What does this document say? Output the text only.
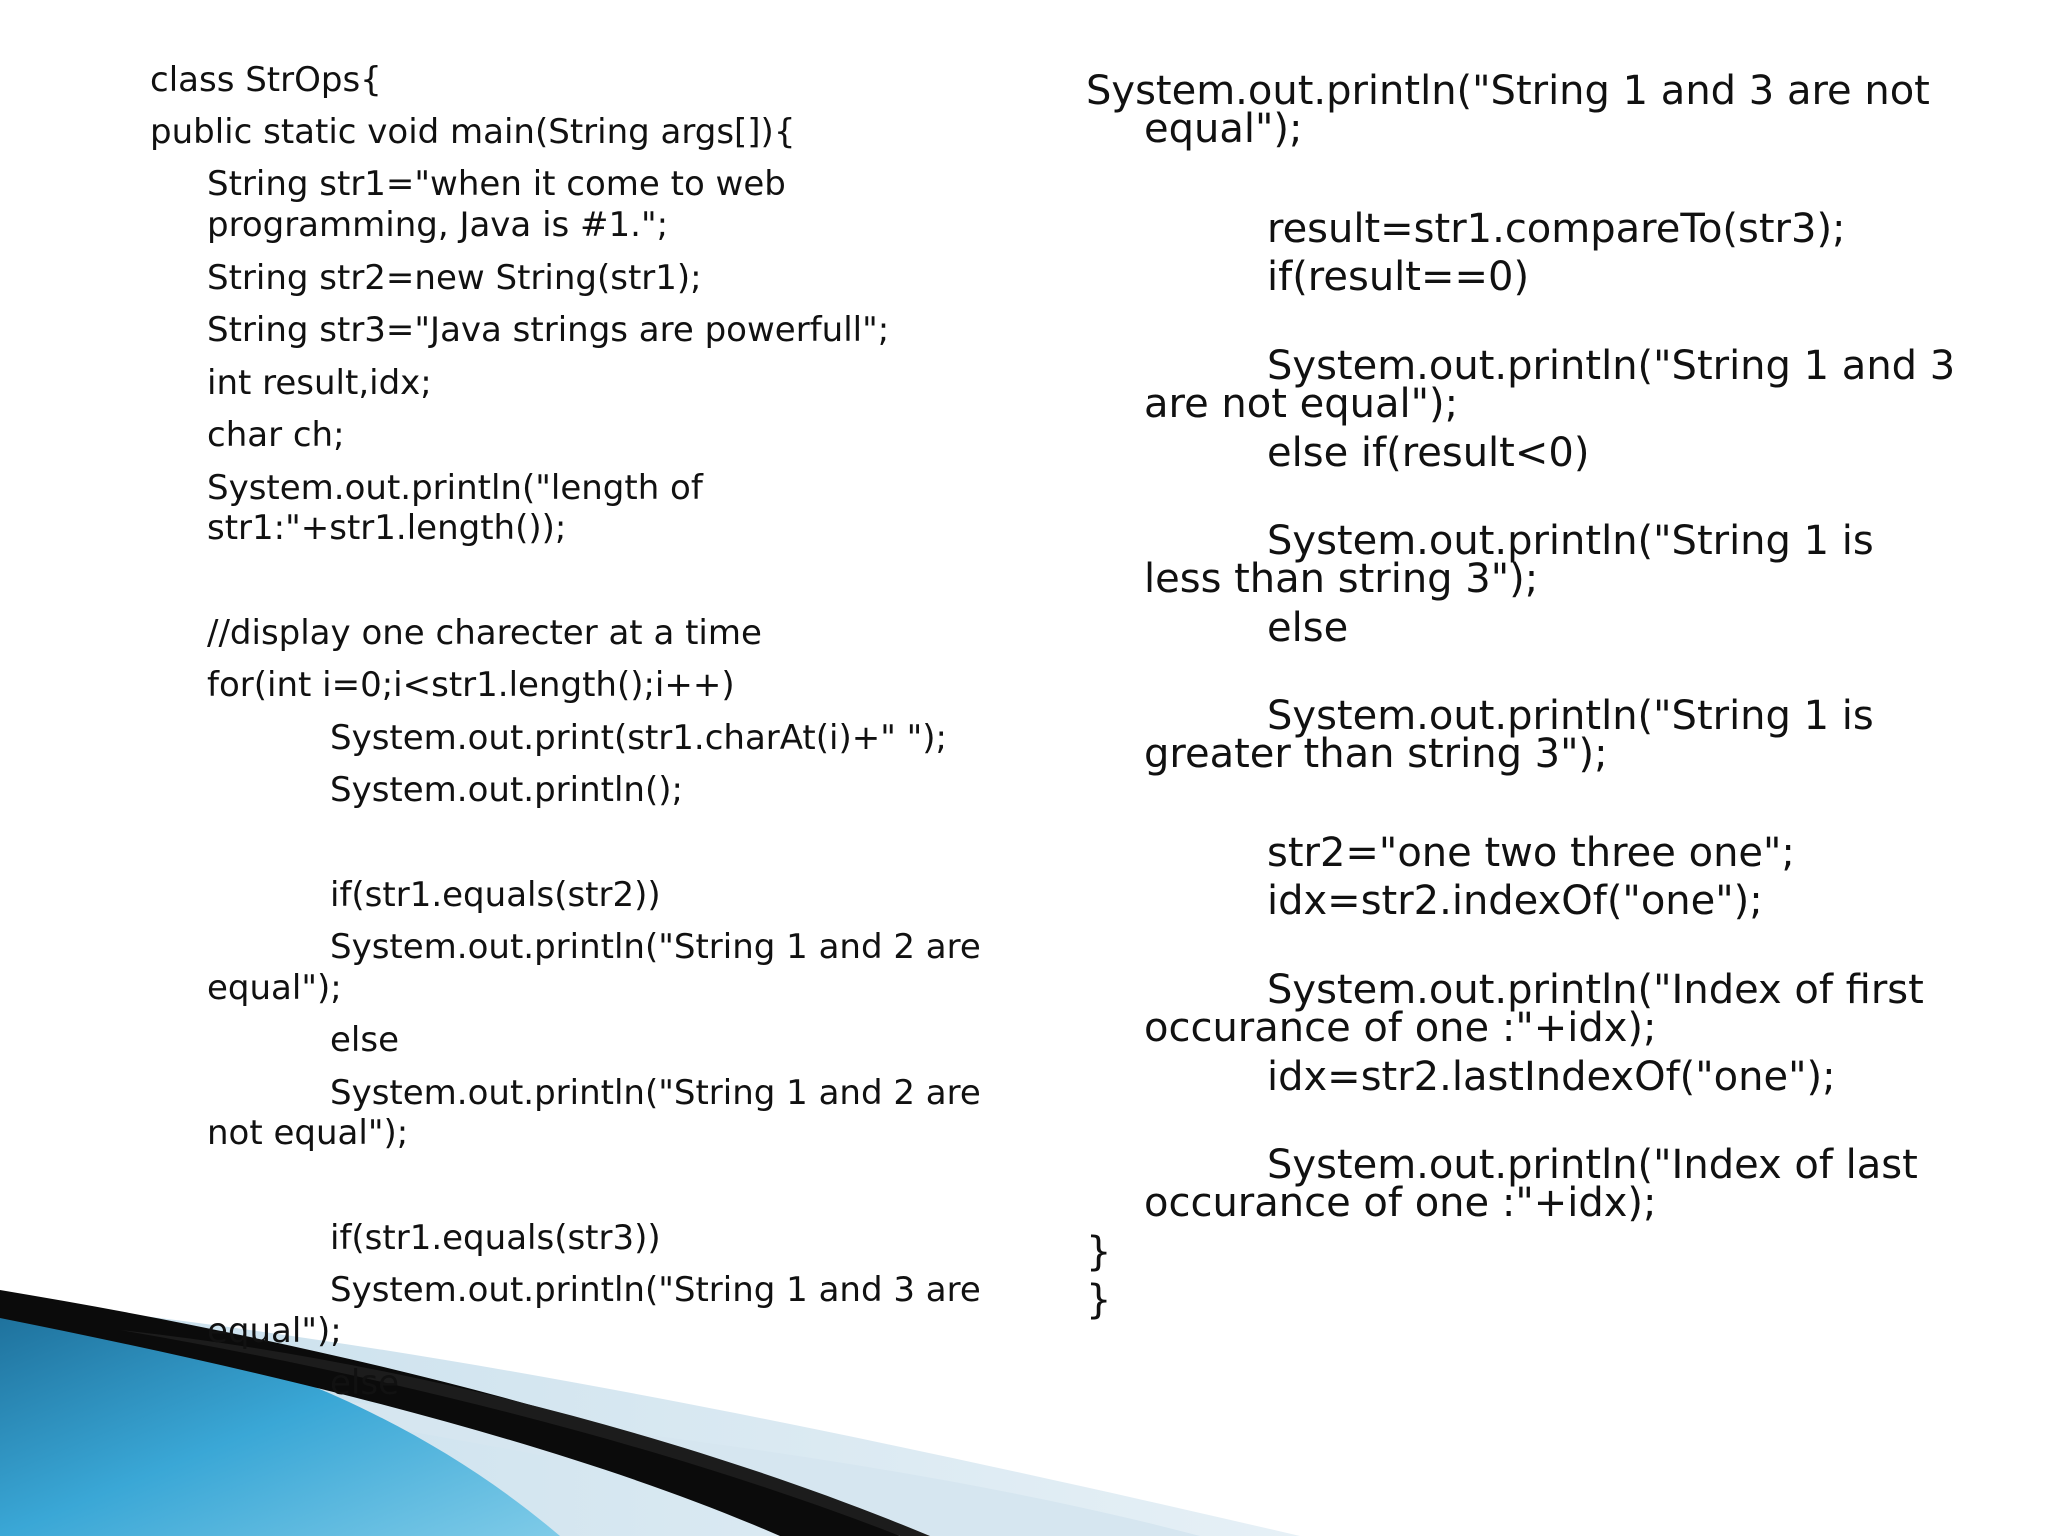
class StrOps{
public static void main(String args[]){
String str1="when it come to web
programming, Java is #1.";
String str2=new String(str1);
String str3="Java strings are powerfull";
int result,idx;
char ch;
System.out.println("length of
str1:"+str1.length());
//display one charecter at a time
for(int i=0;i<str1.length();i++)
System.out.print(str1.charAt(i)+" ");
System.out.println();
if(str1.equals(str2))
System.out.println("String 1 and 2 are
equal");
else
System.out.println("String 1 and 2 are
not equal");
if(str1.equals(str3))
System.out.println("String 1 and 3 are
equal");
else
System.out.println("String 1 and 3 are not
equal");
result=str1.compareTo(str3);
if(result==0)
System.out.println("String 1 and 3
are not equal");
else if(result<0)
System.out.println("String 1 is
less than string 3");
else
System.out.println("String 1 is
greater than string 3");
str2="one two three one";
idx=str2.indexOf("one");
System.out.println("Index of first
occurance of one :"+idx);
idx=str2.lastIndexOf("one");
System.out.println("Index of last
occurance of one :"+idx);
}
}
